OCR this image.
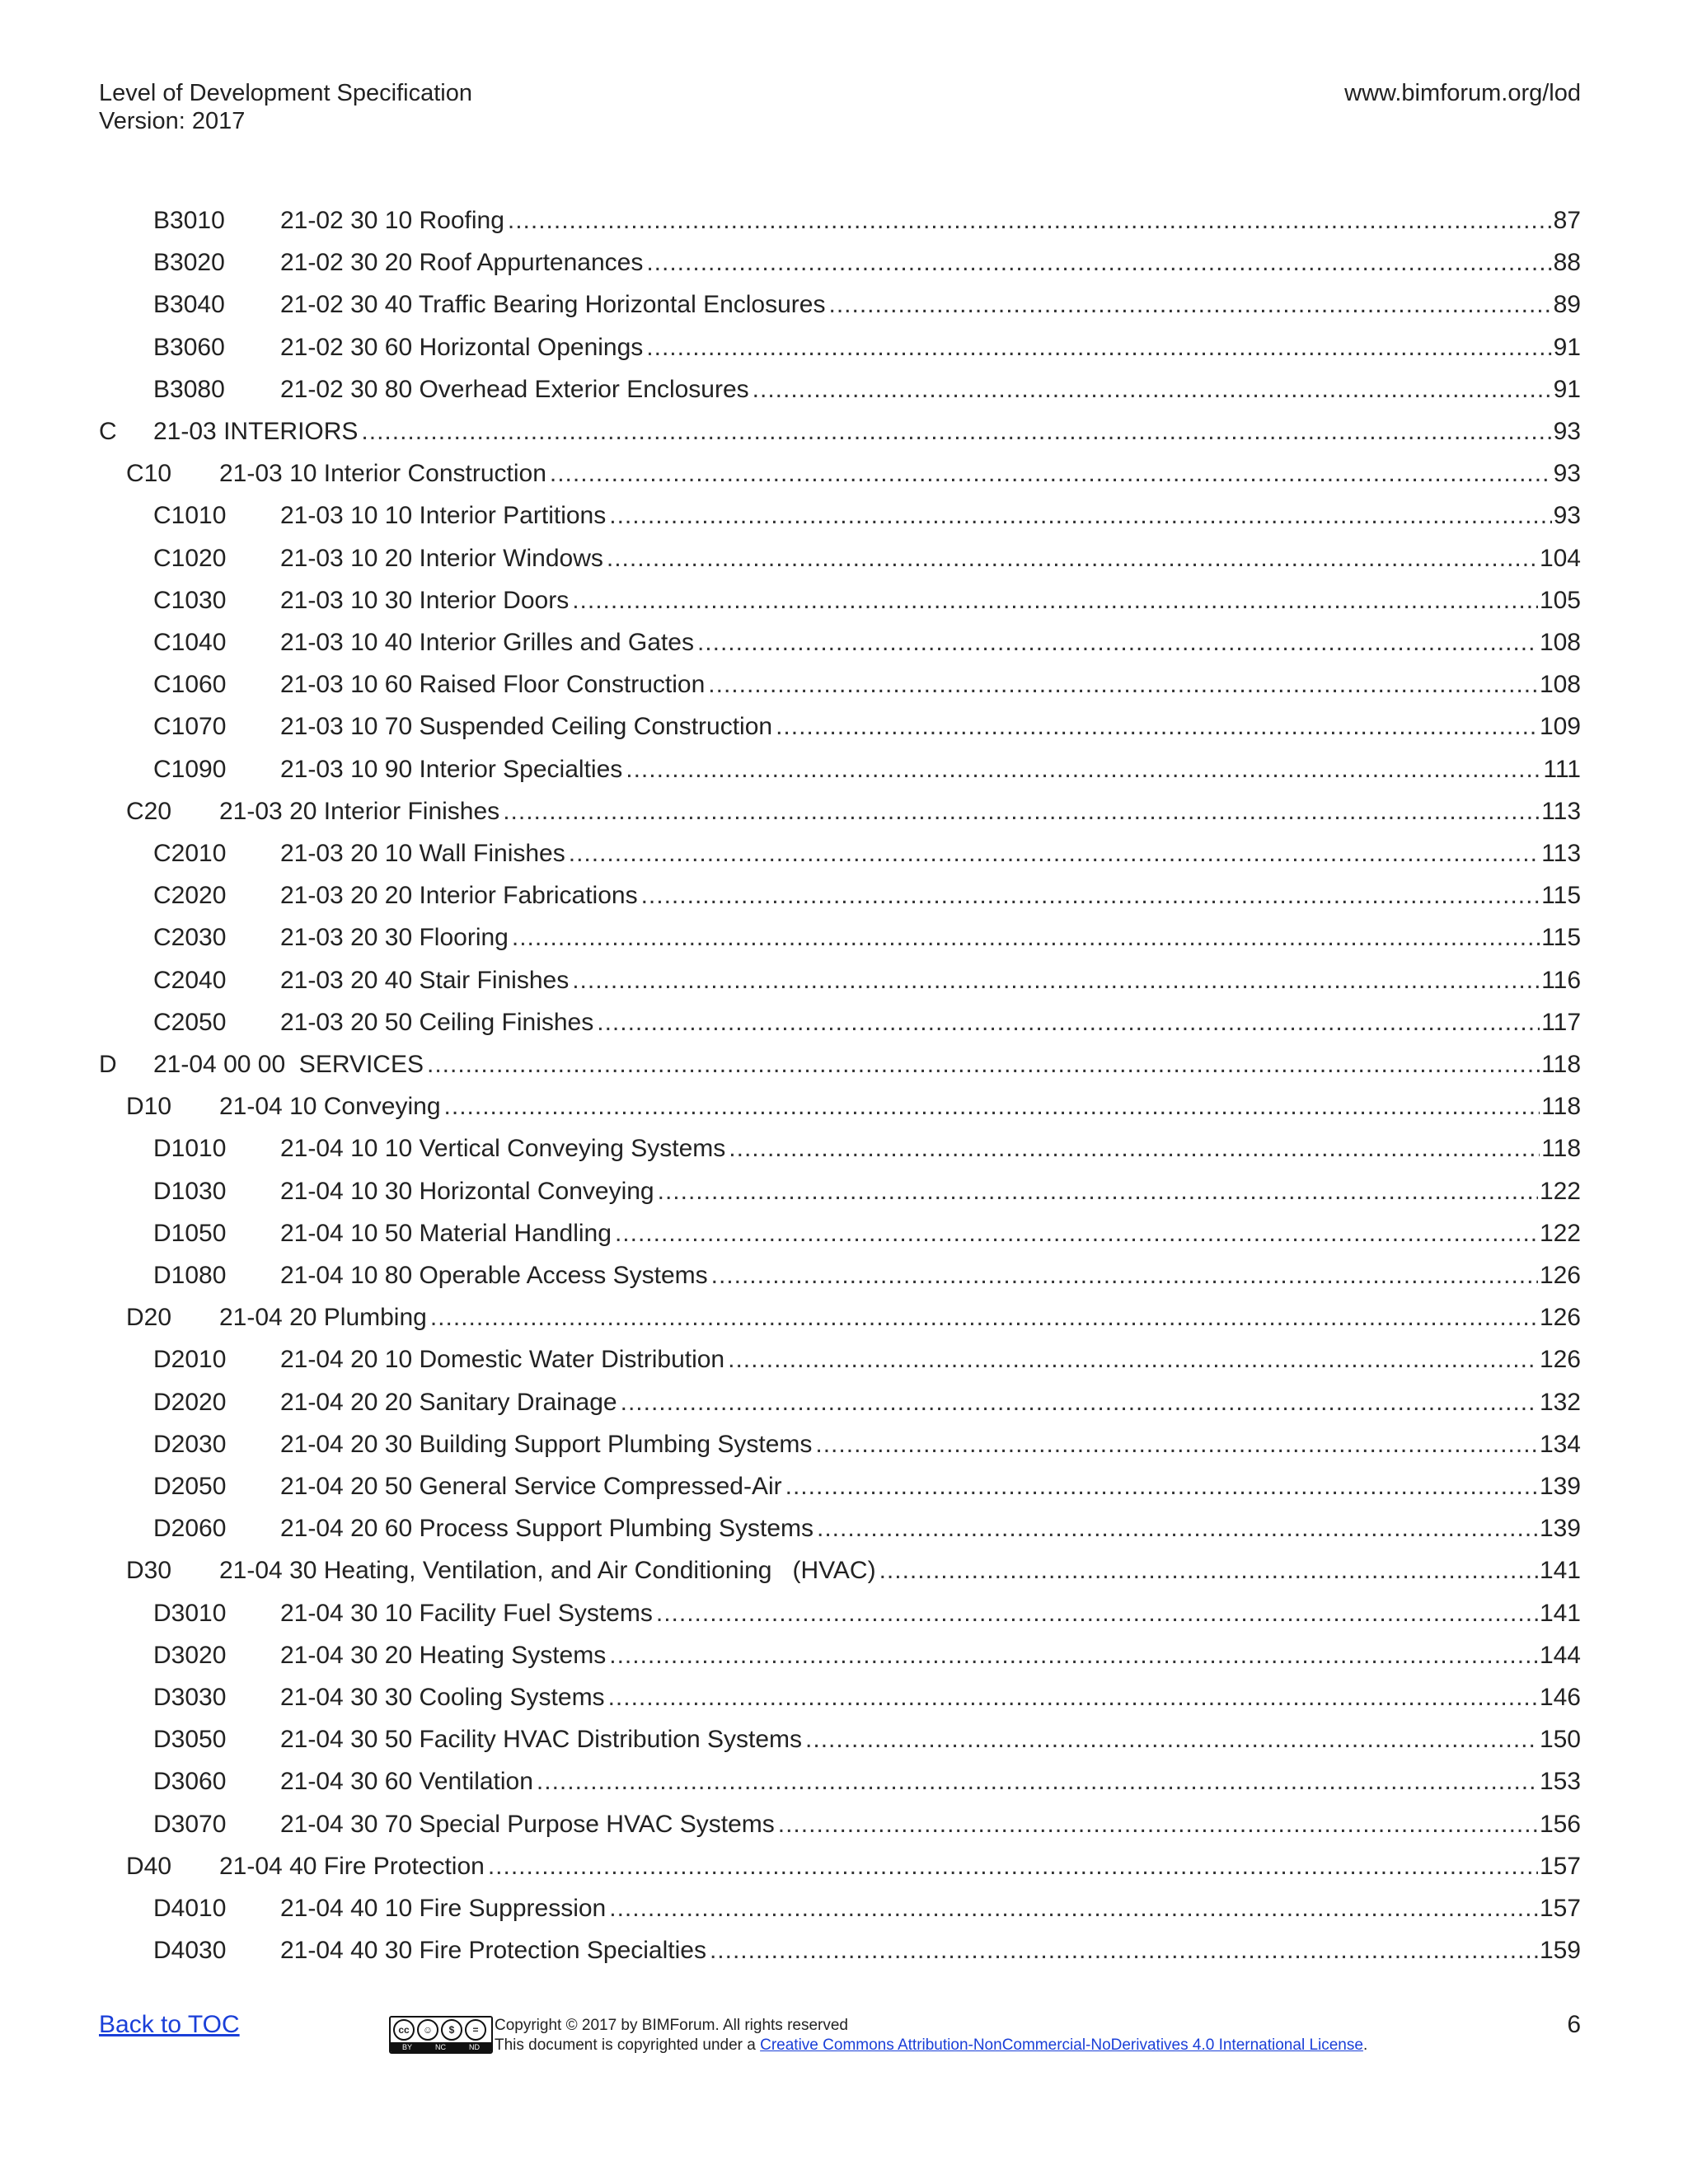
Level of Development Specification
Version: 2017
www.bimforum.org/lod
B3010 21-02 30 10 Roofing .....	87
B3020 21-02 30 20 Roof Appurtenances .....	88
B3040 21-02 30 40 Traffic Bearing Horizontal Enclosures .....	89
B3060 21-02 30 60 Horizontal Openings .....	91
B3080 21-02 30 80 Overhead Exterior Enclosures .....	91
C 21-03 INTERIORS .....	93
C10 21-03 10 Interior Construction .....	93
C1010 21-03 10 10 Interior Partitions .....	93
C1020 21-03 10 20 Interior Windows .....	104
C1030 21-03 10 30 Interior Doors .....	105
C1040 21-03 10 40 Interior Grilles and Gates .....	108
C1060 21-03 10 60 Raised Floor Construction .....	108
C1070 21-03 10 70 Suspended Ceiling Construction .....	109
C1090 21-03 10 90 Interior Specialties .....	111
C20 21-03 20 Interior Finishes .....	113
C2010 21-03 20 10 Wall Finishes .....	113
C2020 21-03 20 20 Interior Fabrications .....	115
C2030 21-03 20 30 Flooring .....	115
C2040 21-03 20 40 Stair Finishes .....	116
C2050 21-03 20 50 Ceiling Finishes .....	117
D 21-04 00 00  SERVICES .....	118
D10 21-04 10 Conveying .....	118
D1010 21-04 10 10 Vertical Conveying Systems .....	118
D1030 21-04 10 30 Horizontal Conveying .....	122
D1050 21-04 10 50 Material Handling .....	122
D1080 21-04 10 80 Operable Access Systems .....	126
D20 21-04 20 Plumbing .....	126
D2010 21-04 20 10 Domestic Water Distribution .....	126
D2020 21-04 20 20 Sanitary Drainage .....	132
D2030 21-04 20 30 Building Support Plumbing Systems .....	134
D2050 21-04 20 50 General Service Compressed-Air .....	139
D2060 21-04 20 60 Process Support Plumbing Systems .....	139
D30 21-04 30 Heating, Ventilation, and Air Conditioning   (HVAC) .....	141
D3010 21-04 30 10 Facility Fuel Systems .....	141
D3020 21-04 30 20 Heating Systems .....	144
D3030 21-04 30 30 Cooling Systems .....	146
D3050 21-04 30 50 Facility HVAC Distribution Systems .....	150
D3060 21-04 30 60 Ventilation .....	153
D3070 21-04 30 70 Special Purpose HVAC Systems .....	156
D40 21-04 40 Fire Protection .....	157
D4010 21-04 40 10 Fire Suppression .....	157
D4030 21-04 40 30 Fire Protection Specialties .....	159
Back to TOC	cc	☺	$	=
BY	NC	ND
Copyright © 2017 by BIMForum. All rights reserved
This document is copyrighted under a Creative Commons Attribution-NonCommercial-NoDerivatives 4.0 International License.
6
